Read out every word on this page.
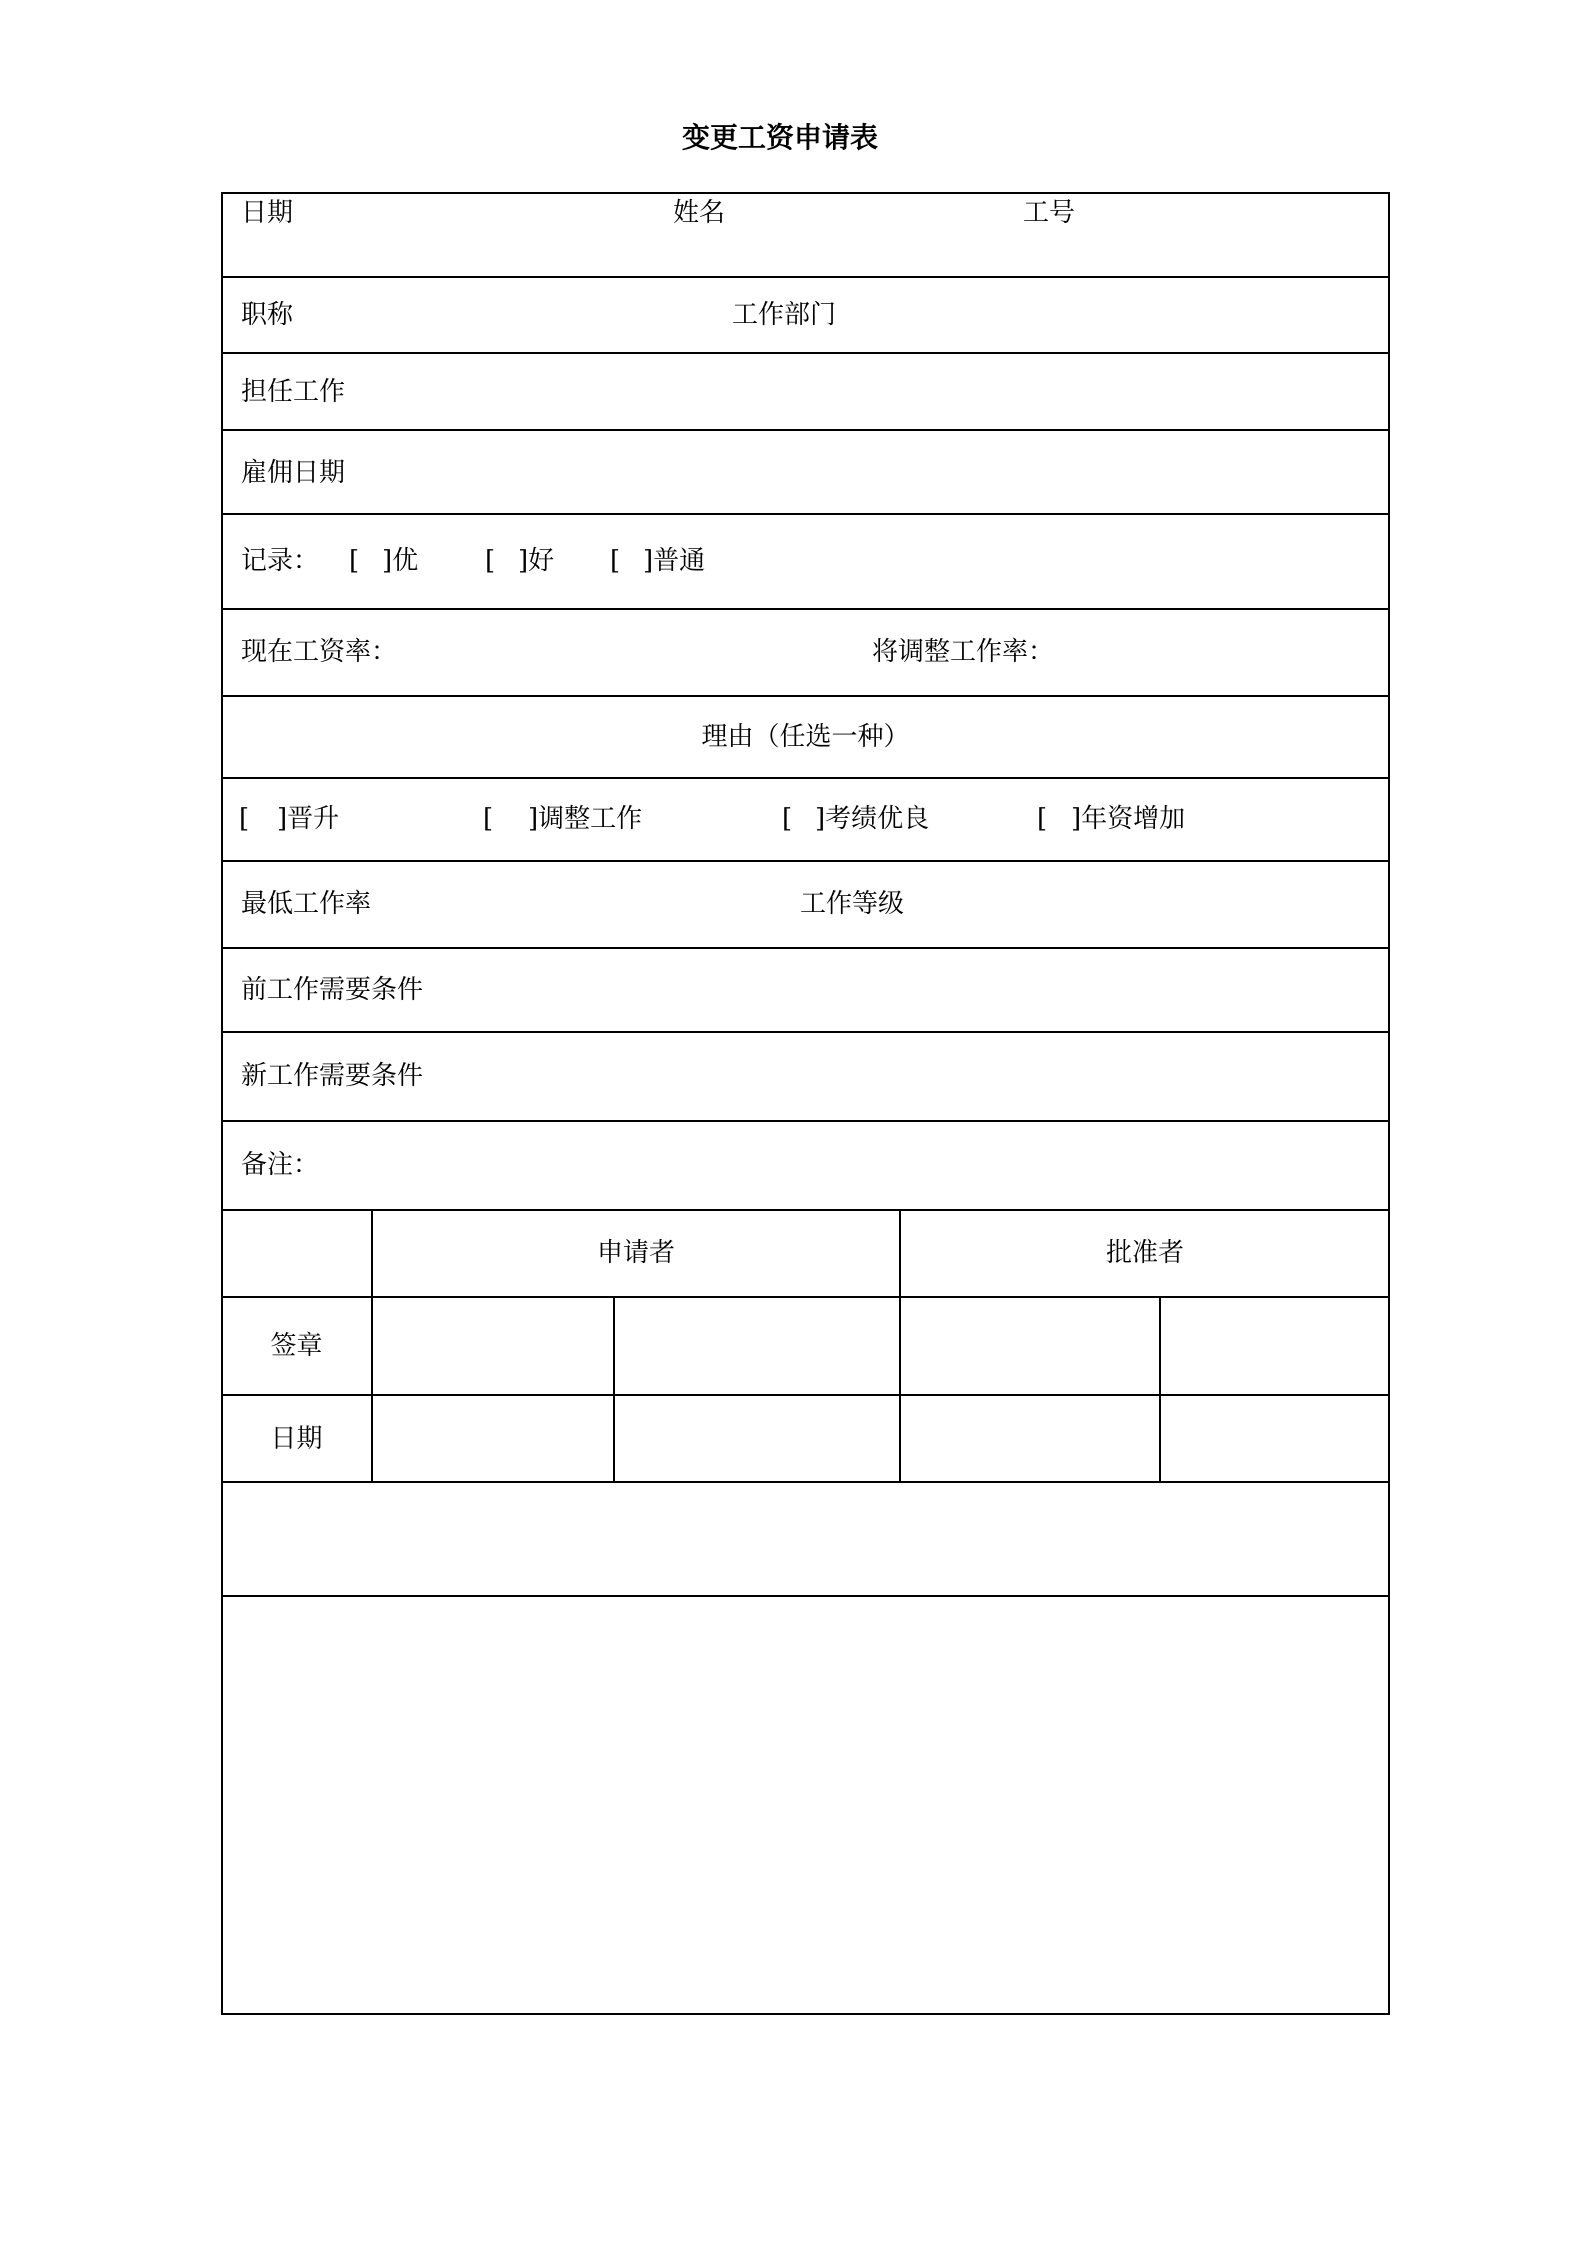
变更工资申请表
日期	姓名	工号
职称	工作部门
担任工作
雇佣日期
记录： [ ]优	[ ]好 [ ]普通
现在工资率：	将调整工作率：
理由（任选一种）
[ ]晋升	[ ]调整工作	[ ]考绩优良	[ ]年资增加
最低工作率	工作等级
前工作需要条件
新工作需要条件
备注：
申请者	批准者
签章
日期
